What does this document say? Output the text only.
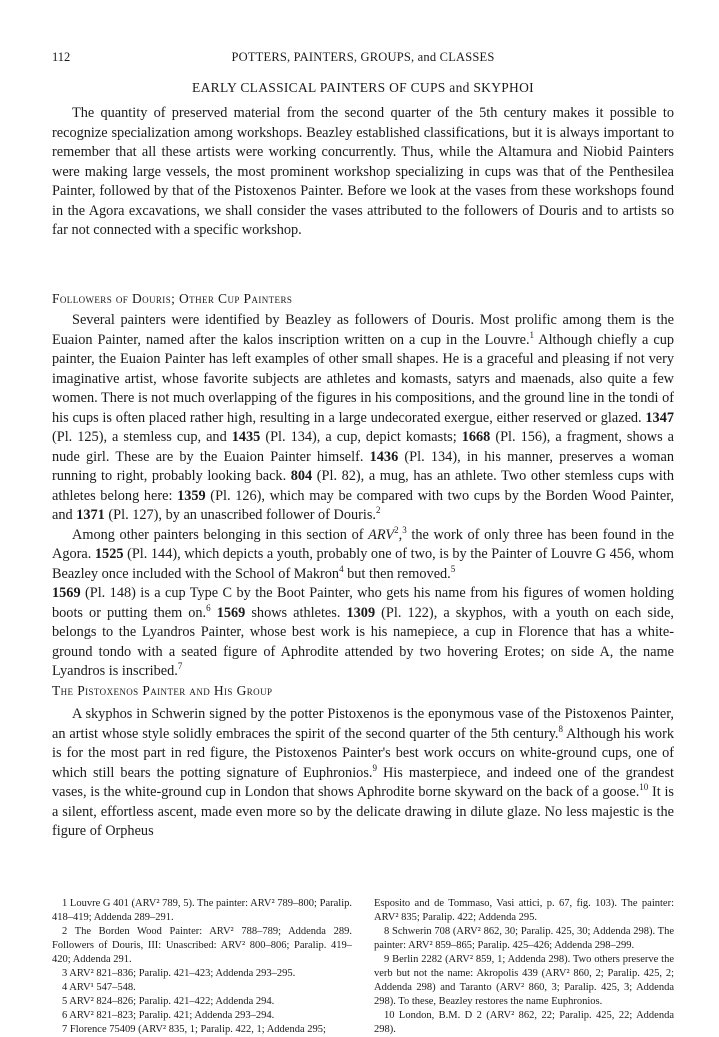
112	POTTERS, PAINTERS, GROUPS, and CLASSES
EARLY CLASSICAL PAINTERS OF CUPS and SKYPHOI

The quantity of preserved material from the second quarter of the 5th century makes it possible to recognize specialization among workshops. Beazley established classifications, but it is always important to remember that all these artists were working concurrently. Thus, while the Altamura and Niobid Painters were making large vessels, the most prominent workshop specializing in cups was that of the Penthesilea Painter, followed by that of the Pistoxenos Painter. Before we look at the vases from these workshops found in the Agora excavations, we shall consider the vases attributed to the followers of Douris and to artists so far not connected with a specific workshop.

Followers of Douris; Other Cup Painters

Several painters were identified by Beazley as followers of Douris. Most prolific among them is the Euaion Painter, named after the kalos inscription written on a cup in the Louvre.$^1$ Although chiefly a cup painter, the Euaion Painter has left examples of other small shapes. He is a graceful and pleasing if not very imaginative artist, whose favorite subjects are athletes and komasts, satyrs and maenads, also quite a few women. There is not much overlapping of the figures in his compositions, and the ground line in the tondi of his cups is often placed rather high, resulting in a large undecorated exergue, either reserved or glazed. 1347 (Pl. 125), a stemless cup, and 1435 (Pl. 134), a cup, depict komasts; 1668 (Pl. 156), a fragment, shows a nude girl. These are by the Euaion Painter himself. 1436 (Pl. 134), in his manner, preserves a woman running to right, probably looking back. 804 (Pl. 82), a mug, has an athlete. Two other stemless cups with athletes belong here: 1359 (Pl. 126), which may be compared with two cups by the Borden Wood Painter, and 1371 (Pl. 127), by an unascribed follower of Douris.$^2$

Among other painters belonging in this section of ARV$^2$,$^3$ the work of only three has been found in the Agora. 1525 (Pl. 144), which depicts a youth, probably one of two, is by the Painter of Louvre G 456, whom Beazley once included with the School of Makron$^4$ but then removed.$^5$
1569 (Pl. 148) is a cup Type C by the Boot Painter, who gets his name from his figures of women holding boots or putting them on.$^6$ 1569 shows athletes. 1309 (Pl. 122), a skyphos, with a youth on each side, belongs to the Lyandros Painter, whose best work is his namepiece, a cup in Florence that has a white-ground tondo with a seated figure of Aphrodite attended by two hovering Erotes; on side A, the name Lyandros is inscribed.$^7$

The Pistoxenos Painter and His Group

A skyphos in Schwerin signed by the potter Pistoxenos is the eponymous vase of the Pistoxenos Painter, an artist whose style solidly embraces the spirit of the second quarter of the 5th century.$^8$ Although his work is for the most part in red figure, the Pistoxenos Painter's best work occurs on white-ground cups, one of which still bears the potting signature of Euphronios.$^9$ His masterpiece, and indeed one of the grandest vases, is the white-ground cup in London that shows Aphrodite borne skyward on the back of a goose.$^{10}$ It is a silent, effortless ascent, made even more so by the delicate drawing in dilute glaze. No less majestic is the figure of Orpheus

1 Louvre G 401 (ARV² 789, 5). The painter: ARV² 789–800; Paralip. 418–419; Addenda 289–291.

2 The Borden Wood Painter: ARV² 788–789; Addenda 289. Followers of Douris, III: Unascribed: ARV² 800–806; Paralip. 419–420; Addenda 291.

3 ARV² 821–836; Paralip. 421–423; Addenda 293–295.

4 ARV¹ 547–548.

5 ARV² 824–826; Paralip. 421–422; Addenda 294.

6 ARV² 821–823; Paralip. 421; Addenda 293–294.

7 Florence 75409 (ARV² 835, 1; Paralip. 422, 1; Addenda 295;

Esposito and de Tommaso, Vasi attici, p. 67, fig. 103). The painter: ARV² 835; Paralip. 422; Addenda 295.

8 Schwerin 708 (ARV² 862, 30; Paralip. 425, 30; Addenda 298). The painter: ARV² 859–865; Paralip. 425–426; Addenda 298–299.

9 Berlin 2282 (ARV² 859, 1; Addenda 298). Two others preserve the verb but not the name: Akropolis 439 (ARV² 860, 2; Paralip. 425, 2; Addenda 298) and Taranto (ARV² 860, 3; Paralip. 425, 3; Addenda 298). To these, Beazley restores the name Euphronios.

10 London, B.M. D 2 (ARV² 862, 22; Paralip. 425, 22; Addenda 298).
